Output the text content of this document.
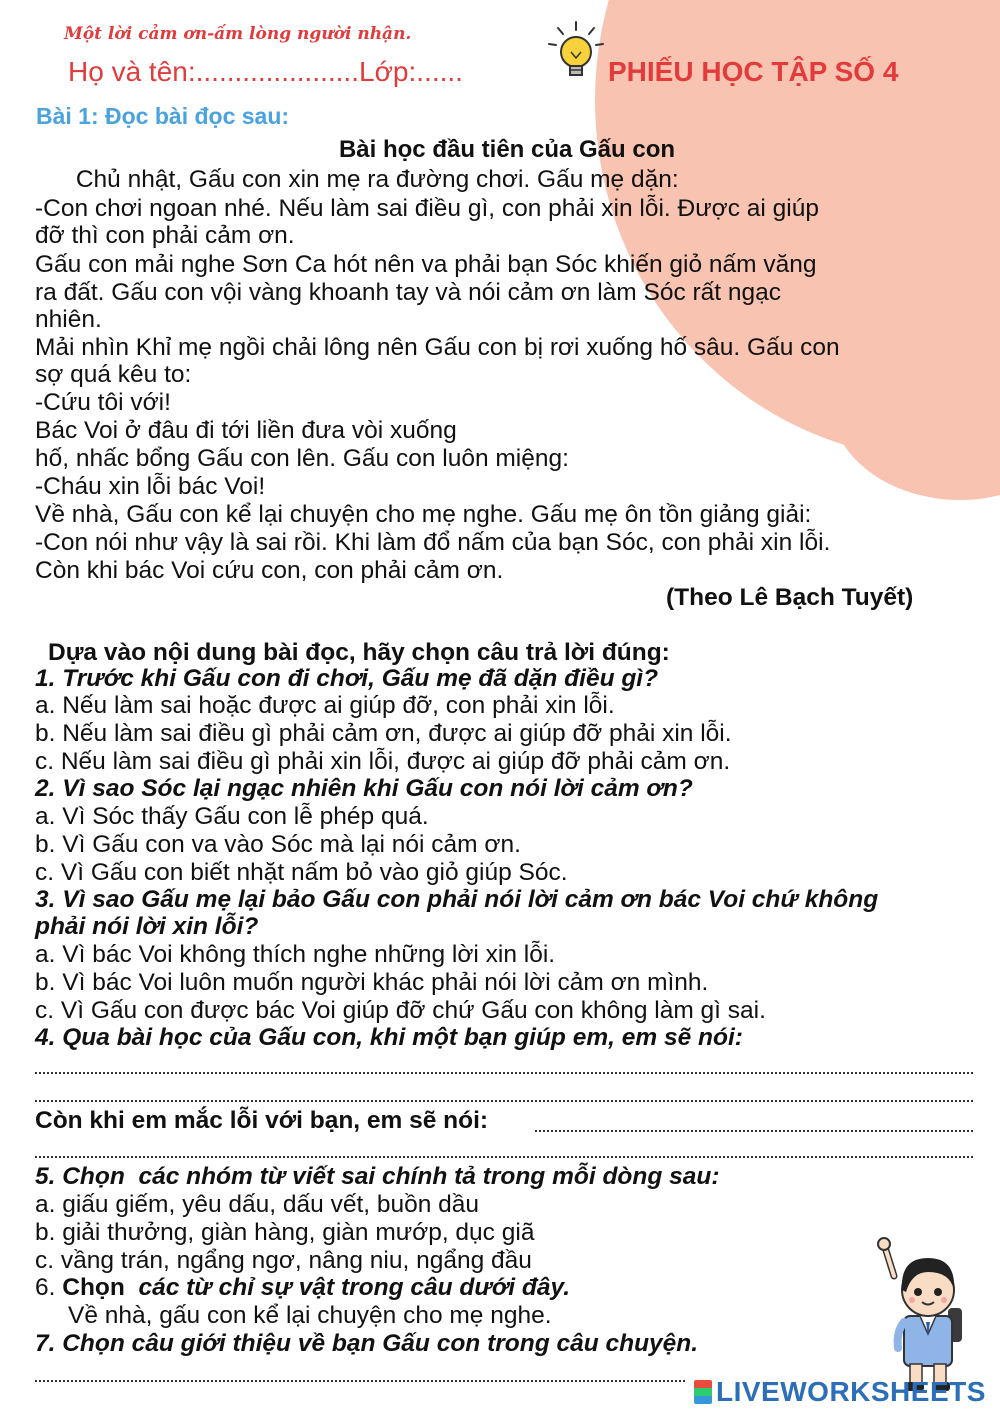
Một lời cảm ơn-ấm lòng người nhận.
Họ và tên:.....................Lớp:......	PHIẾU HỌC TẬP SỐ 4
Bài 1: Đọc bài đọc sau:
Bài học đầu tiên của Gấu con
Chủ nhật, Gấu con xin mẹ ra đường chơi. Gấu mẹ dặn:
-Con chơi ngoan nhé. Nếu làm sai điều gì, con phải xin lỗi. Được ai giúp
đỡ thì con phải cảm ơn.
Gấu con mải nghe Sơn Ca hót nên va phải bạn Sóc khiến giỏ nấm văng
ra đất. Gấu con vội vàng khoanh tay và nói cảm ơn làm Sóc rất ngạc
nhiên.
Mải nhìn Khỉ mẹ ngồi chải lông nên Gấu con bị rơi xuống hố sâu. Gấu con
sợ quá kêu to:
-Cứu tôi với!
Bác Voi ở đâu đi tới liền đưa vòi xuống
hố, nhấc bổng Gấu con lên. Gấu con luôn miệng:
-Cháu xin lỗi bác Voi!
Về nhà, Gấu con kể lại chuyện cho mẹ nghe. Gấu mẹ ôn tồn giảng giải:
-Con nói như vậy là sai rồi. Khi làm đổ nấm của bạn Sóc, con phải xin lỗi.
Còn khi bác Voi cứu con, con phải cảm ơn.
(Theo Lê Bạch Tuyết)
Dựa vào nội dung bài đọc, hãy chọn câu trả lời đúng:
1. Trước khi Gấu con đi chơi, Gấu mẹ đã dặn điều gì?
a. Nếu làm sai hoặc được ai giúp đỡ, con phải xin lỗi.
b. Nếu làm sai điều gì phải cảm ơn, được ai giúp đỡ phải xin lỗi.
c. Nếu làm sai điều gì phải xin lỗi, được ai giúp đỡ phải cảm ơn.
2. Vì sao Sóc lại ngạc nhiên khi Gấu con nói lời cảm ơn?
a. Vì Sóc thấy Gấu con lễ phép quá.
b. Vì Gấu con va vào Sóc mà lại nói cảm ơn.
c. Vì Gấu con biết nhặt nấm bỏ vào giỏ giúp Sóc.
3. Vì sao Gấu mẹ lại bảo Gấu con phải nói lời cảm ơn bác Voi chứ không
phải nói lời xin lỗi?
a. Vì bác Voi không thích nghe những lời xin lỗi.
b. Vì bác Voi luôn muốn người khác phải nói lời cảm ơn mình.
c. Vì Gấu con được bác Voi giúp đỡ chứ Gấu con không làm gì sai.
4. Qua bài học của Gấu con, khi một bạn giúp em, em sẽ nói:
Còn khi em mắc lỗi với bạn, em sẽ nói:
5. Chọn  các nhóm từ viết sai chính tả trong mỗi dòng sau:
a. giấu giếm, yêu dấu, dấu vết, buồn dầu
b. giải thưởng, giàn hàng, giàn mướp, dục giã
c. vầng trán, ngẩng ngơ, nâng niu, ngẩng đầu
6. Chọn  các từ chỉ sự vật trong câu dưới đây.
Về nhà, gấu con kể lại chuyện cho mẹ nghe.
7. Chọn câu giới thiệu về bạn Gấu con trong câu chuyện.
LIVEWORKSHEETS
